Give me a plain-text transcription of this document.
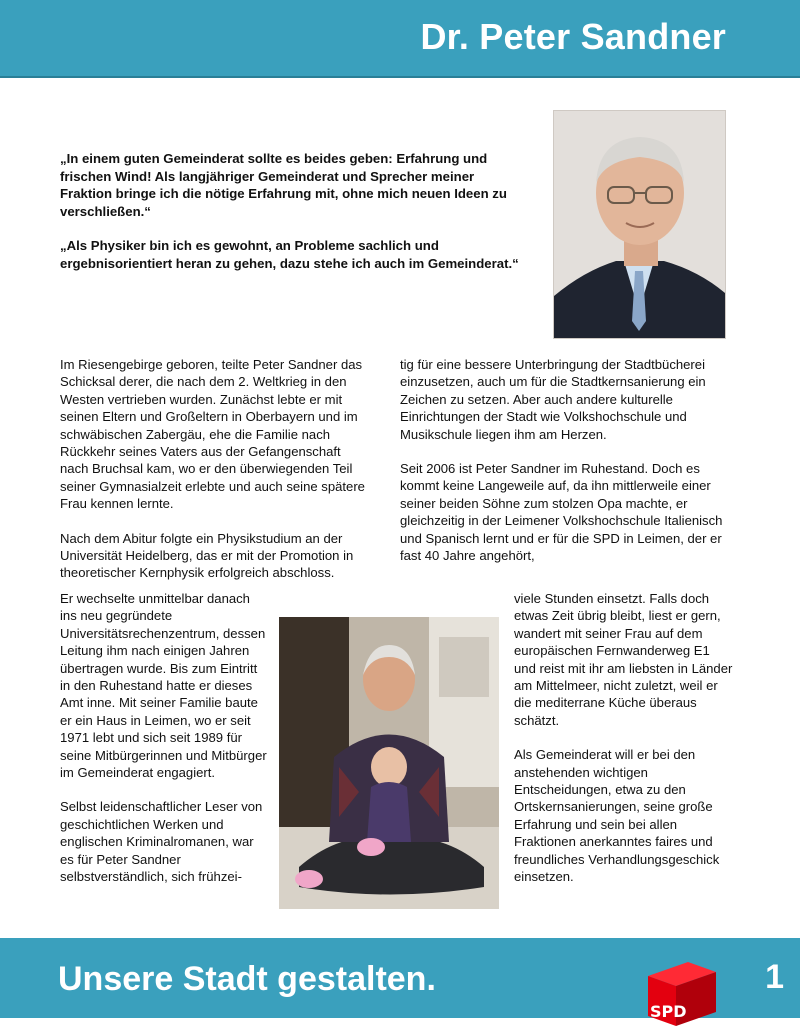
Dr. Peter Sandner

„In einem guten Gemeinderat sollte es beides geben: Erfahrung und frischen Wind! Als langjähriger Gemeinderat und Sprecher meiner Fraktion bringe ich die nötige Erfahrung mit, ohne mich neuen Ideen zu verschließen.“

„Als Physiker bin ich es gewohnt, an Probleme sachlich und ergebnisorientiert heran zu gehen, dazu stehe ich auch im Gemeinderat.“

Im Riesengebirge geboren, teilte Peter Sandner das Schicksal derer, die nach dem 2. Weltkrieg in den Westen vertrieben wurden. Zunächst lebte er mit seinen Eltern und Großeltern in Oberbayern und im schwäbischen Zabergäu, ehe die Familie nach Rückkehr seines Vaters aus der Gefangenschaft nach Bruchsal kam, wo er den überwiegenden Teil seiner Gymnasialzeit erlebte und auch seine spätere Frau kennen lernte.

Nach dem Abitur folgte ein Physikstudium an der Universität Heidelberg, das er mit der Promotion in theoretischer Kernphysik erfolgreich abschloss.

Er wechselte unmittelbar danach ins neu gegründete Universitätsrechenzentrum, dessen Leitung ihm nach einigen Jahren übertragen wurde. Bis zum Eintritt in den Ruhestand hatte er dieses Amt inne. Mit seiner Familie baute er ein Haus in Leimen, wo er seit 1971 lebt und sich seit 1989 für seine Mitbürgerinnen und Mitbürger im Gemeinderat engagiert.

Selbst leidenschaftlicher Leser von geschichtlichen Werken und englischen Kriminalromanen, war es für Peter Sandner selbstverständlich, sich frühzei-

tig für eine bessere Unterbringung der Stadtbücherei einzusetzen, auch um für die Stadtkernsanierung ein Zeichen zu setzen. Aber auch andere kulturelle Einrichtungen der Stadt wie Volkshochschule und Musikschule liegen ihm am Herzen.

Seit 2006 ist Peter Sandner im Ruhestand. Doch es kommt keine Langeweile auf, da ihn mittlerweile einer seiner beiden Söhne zum stolzen Opa machte, er gleichzeitig in der Leimener Volkshochschule Italienisch und Spanisch lernt und er für die SPD in Leimen, der er fast 40 Jahre angehört,

viele Stunden einsetzt. Falls doch etwas Zeit übrig bleibt, liest er gern, wandert mit seiner Frau auf dem europäischen Fernwanderweg E1 und reist mit ihr am liebsten in Länder am Mittelmeer, nicht zuletzt, weil er die mediterrane Küche überaus schätzt.

Als Gemeinderat will er bei den anstehenden wichtigen Entscheidungen, etwa zu den Ortskernsanierungen, seine große Erfahrung und sein bei allen Fraktionen anerkanntes faires und freundliches Verhandlungsgeschick einsetzen.

Unsere Stadt gestalten.	1
SPD
